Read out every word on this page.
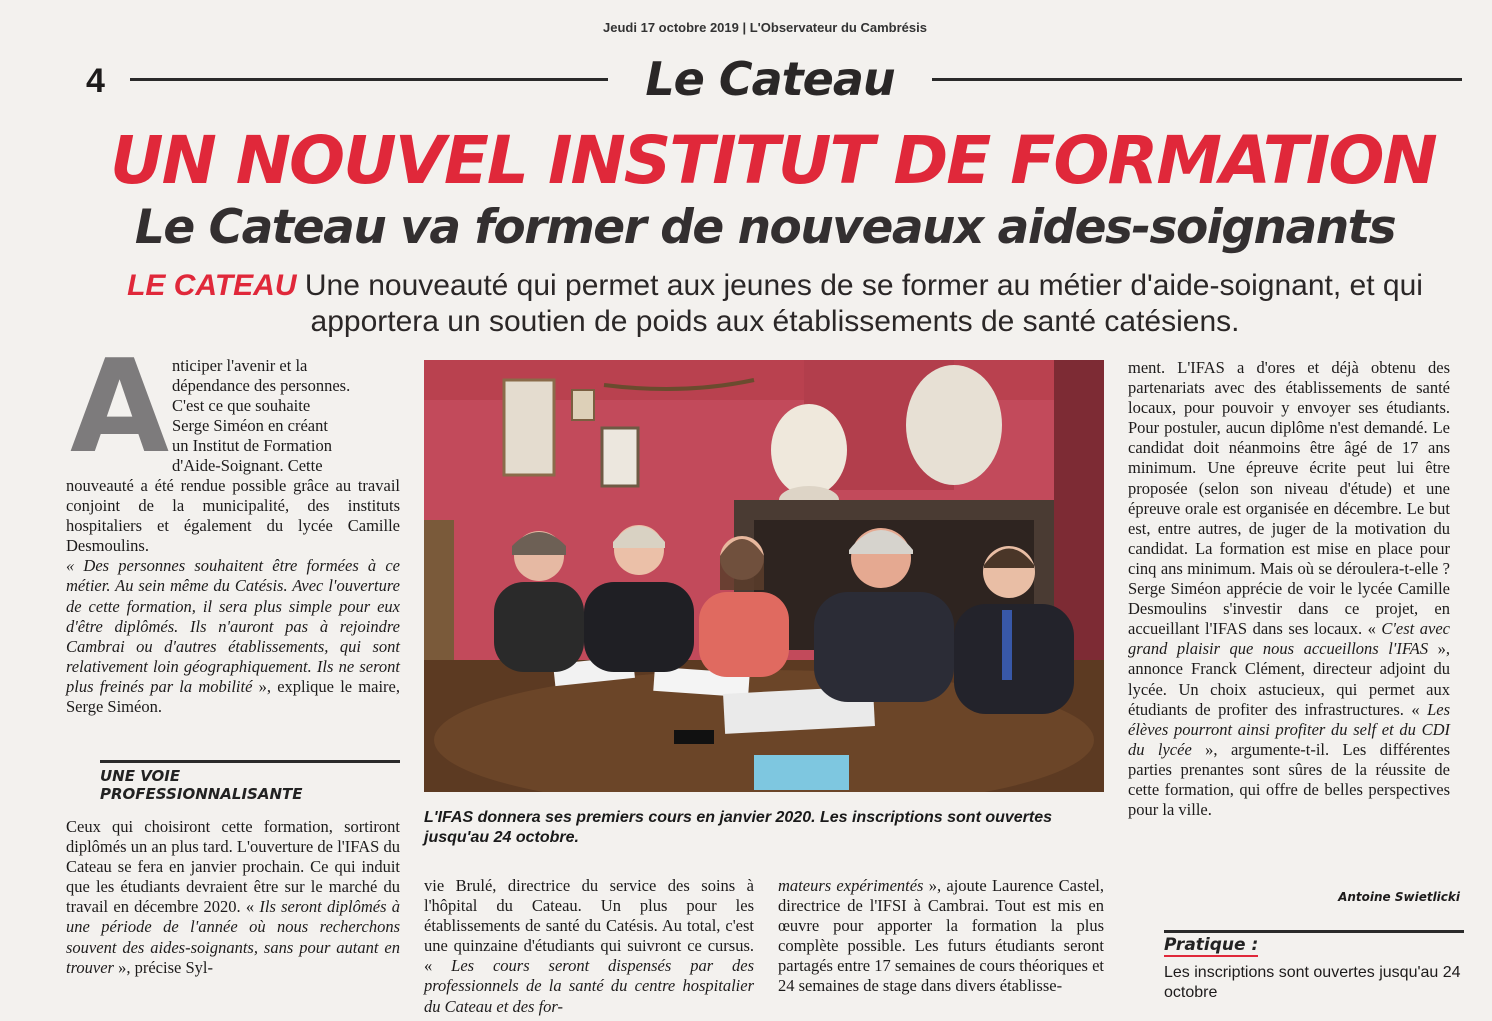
Jeudi 17 octobre 2019 | L'Observateur du Cambrésis
4	Le Cateau
UN NOUVEL INSTITUT DE FORMATION
Le Cateau va former de nouveaux aides-soignants
LE CATEAU Une nouveauté qui permet aux jeunes de se former au métier d'aide-soignant, et qui
apportera un soutien de poids aux établissements de santé catésiens.
A nticiper l'avenir et la
dépendance des personnes.
C'est ce que souhaite
Serge Siméon en créant
un Institut de Formation
d'Aide-Soignant. Cette
nouveauté a été rendue possible grâce au travail conjoint de la municipalité, des instituts hospitaliers et également du lycée Camille Desmoulins.
« Des personnes souhaitent être formées à ce métier. Au sein même du Catésis. Avec l'ouverture de cette formation, il sera plus simple pour eux d'être diplômés. Ils n'auront pas à rejoindre Cambrai ou d'autres établissements, qui sont relativement loin géographiquement. Ils ne seront plus freinés par la mobilité », explique le maire, Serge Siméon.
UNE VOIE
PROFESSIONNALISANTE
Ceux qui choisiront cette formation, sortiront diplômés un an plus tard. L'ouverture de l'IFAS du Cateau se fera en janvier prochain. Ce qui induit que les étudiants devraient être sur le marché du travail en décembre 2020. « Ils seront diplômés à une période de l'année où nous recherchons souvent des aides-soignants, sans pour autant en trouver », précise Syl-
L'IFAS donnera ses premiers cours en janvier 2020. Les inscriptions sont ouvertes jusqu'au 24 octobre.
vie Brulé, directrice du service des soins à l'hôpital du Cateau. Un plus pour les établissements de santé du Catésis. Au total, c'est une quinzaine d'étudiants qui suivront ce cursus. « Les cours seront dispensés par des professionnels de la santé du centre hospitalier du Cateau et des for-
mateurs expérimentés », ajoute Laurence Castel, directrice de l'IFSI à Cambrai. Tout est mis en œuvre pour apporter la formation la plus complète possible. Les futurs étudiants seront partagés entre 17 semaines de cours théoriques et 24 semaines de stage dans divers établisse-
ment. L'IFAS a d'ores et déjà obtenu des partenariats avec des établissements de santé locaux, pour pouvoir y envoyer ses étudiants. Pour postuler, aucun diplôme n'est demandé. Le candidat doit néanmoins être âgé de 17 ans minimum. Une épreuve écrite peut lui être proposée (selon son niveau d'étude) et une épreuve orale est organisée en décembre. Le but est, entre autres, de juger de la motivation du candidat. La formation est mise en place pour cinq ans minimum. Mais où se déroulera-t-elle ? Serge Siméon apprécie de voir le lycée Camille Desmoulins s'investir dans ce projet, en accueillant l'IFAS dans ses locaux. « C'est avec grand plaisir que nous accueillons l'IFAS », annonce Franck Clément, directeur adjoint du lycée. Un choix astucieux, qui permet aux étudiants de profiter des infrastructures. « Les élèves pourront ainsi profiter du self et du CDI du lycée », argumente-t-il. Les différentes parties prenantes sont sûres de la réussite de cette formation, qui offre de belles perspectives pour la ville.
Antoine Swietlicki
Pratique :
Les inscriptions sont ouvertes jusqu'au 24 octobre
